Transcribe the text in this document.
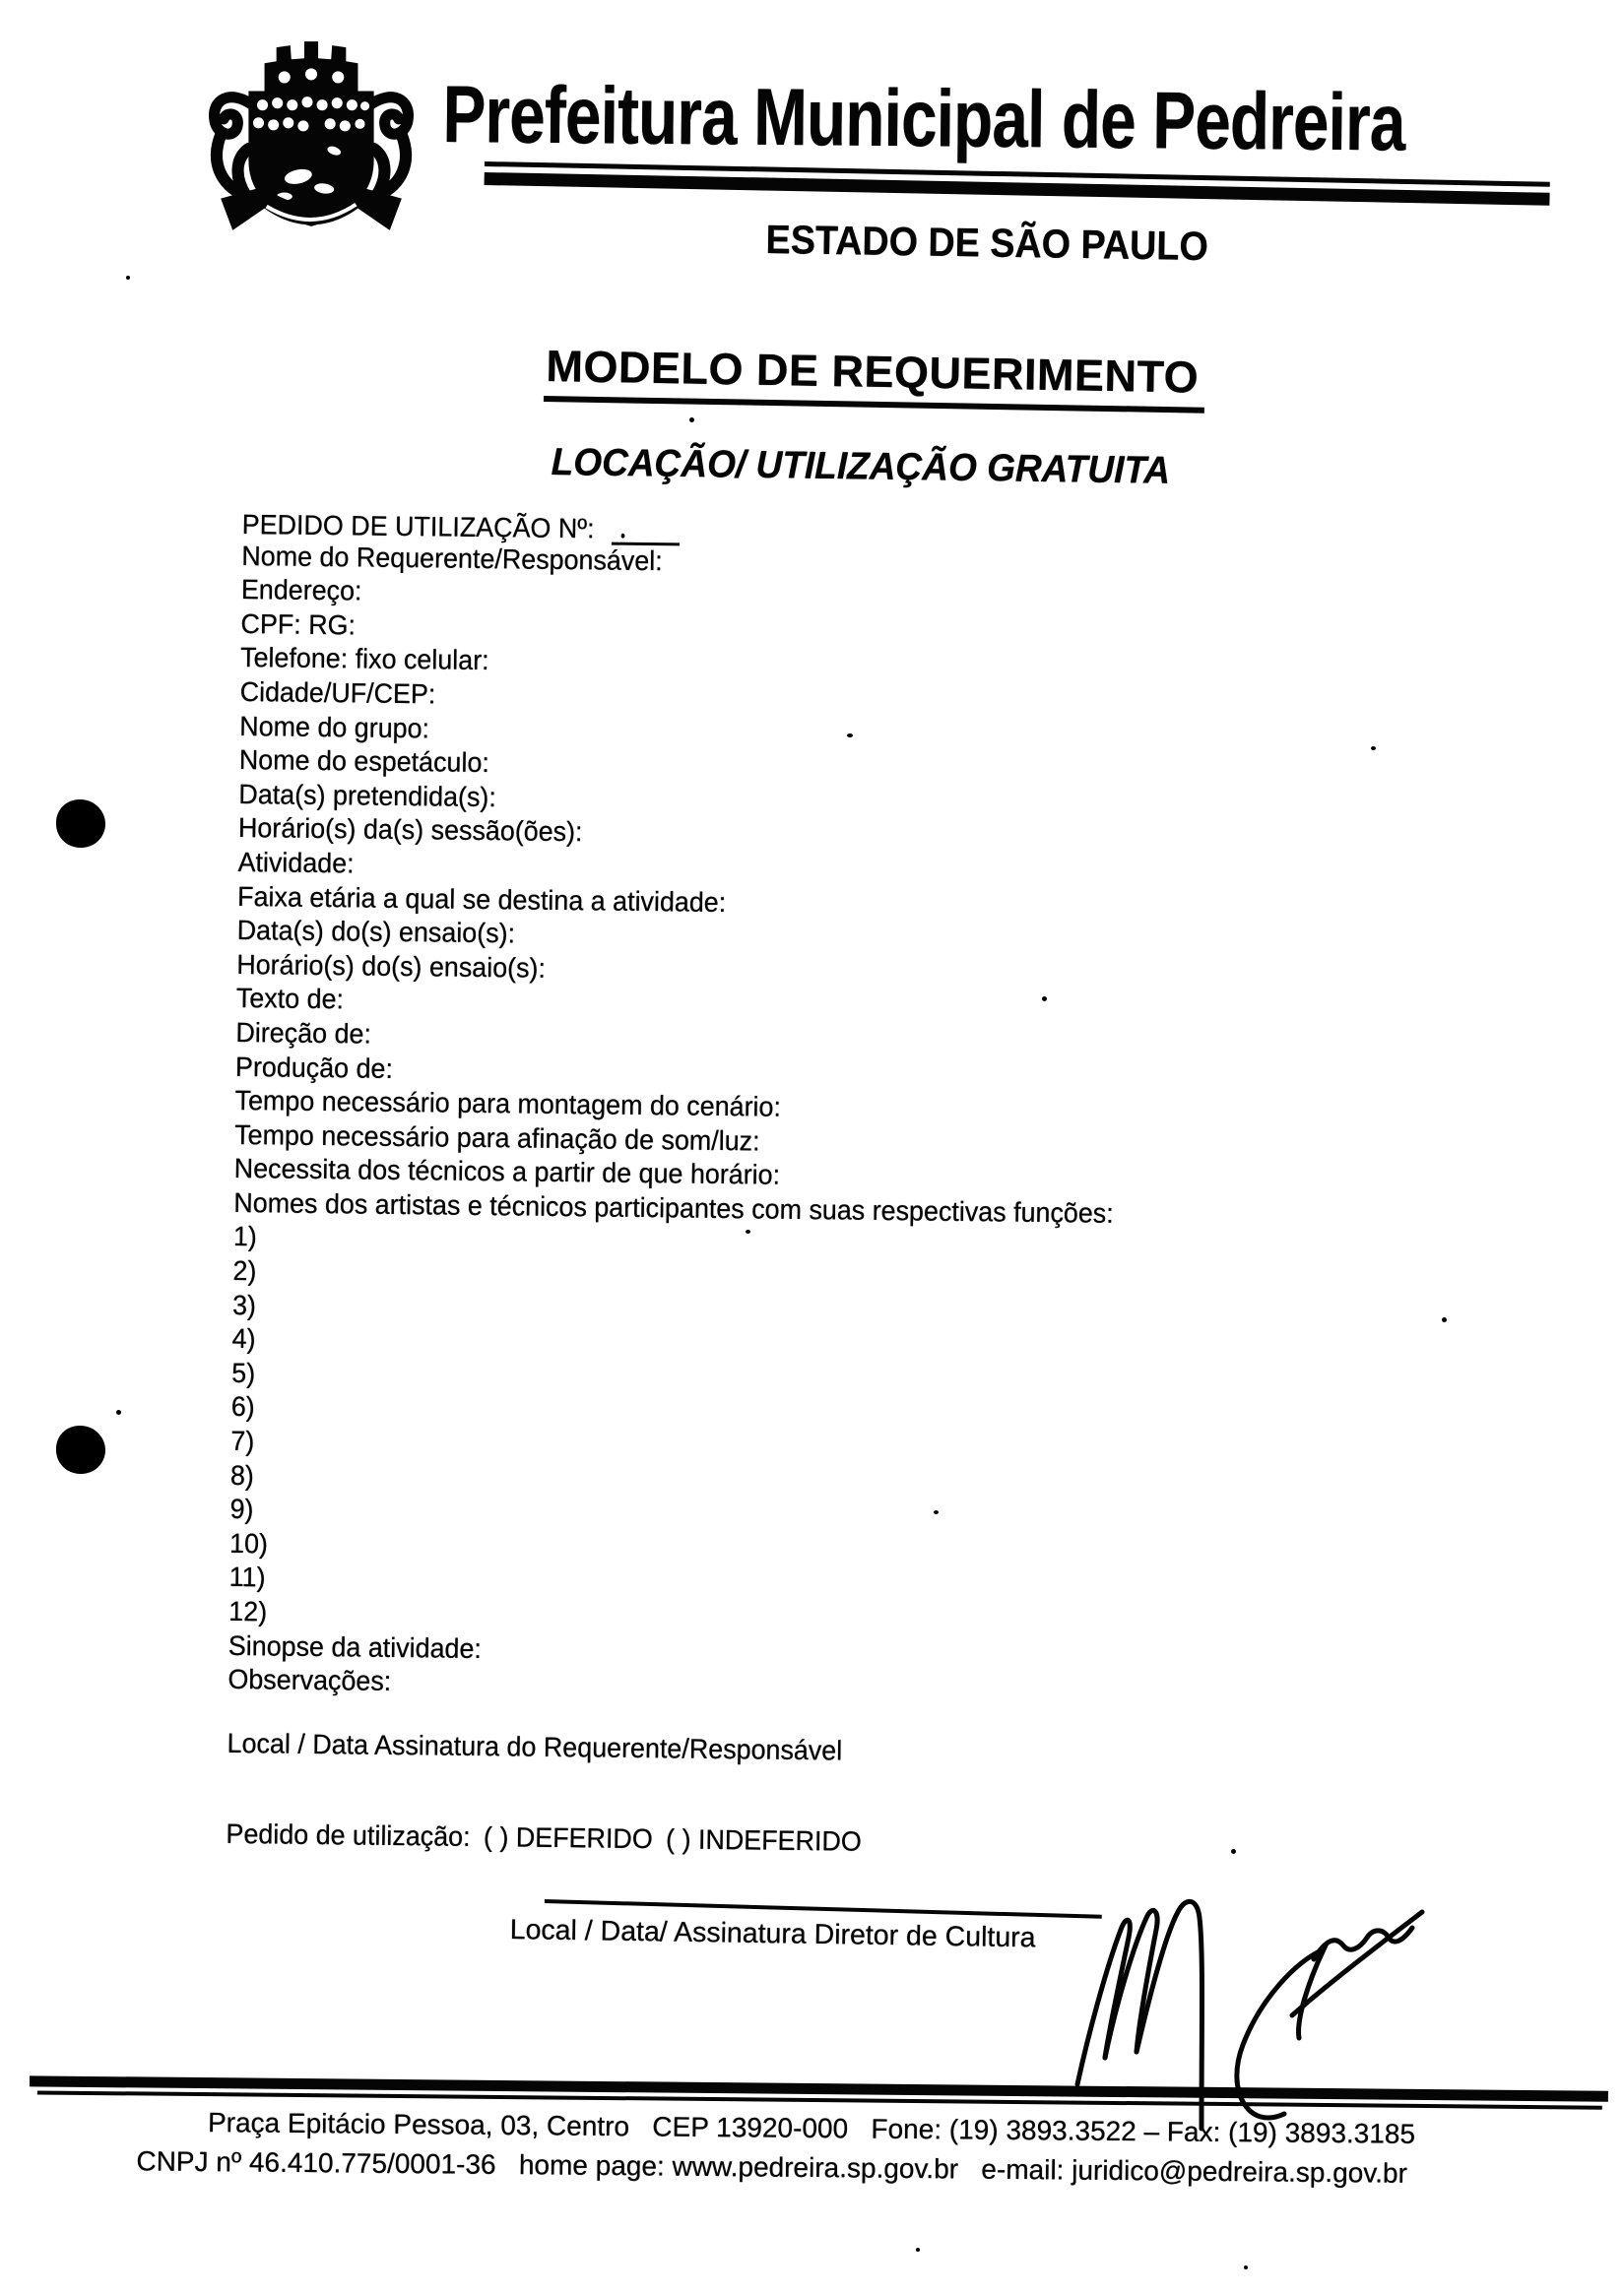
Prefeitura Municipal de Pedreira
ESTADO DE SÃO PAULO
MODELO DE REQUERIMENTO
LOCAÇÃO/ UTILIZAÇÃO GRATUITA
PEDIDO DE UTILIZAÇÃO Nº:
Nome do Requerente/Responsável:
Endereço:
CPF: RG:
Telefone: fixo celular:
Cidade/UF/CEP:
Nome do grupo:
Nome do espetáculo:
Data(s) pretendida(s):
Horário(s) da(s) sessão(ões):
Atividade:
Faixa etária a qual se destina a atividade:
Data(s) do(s) ensaio(s):
Horário(s) do(s) ensaio(s):
Texto de:
Direção de:
Produção de:
Tempo necessário para montagem do cenário:
Tempo necessário para afinação de som/luz:
Necessita dos técnicos a partir de que horário:
Nomes dos artistas e técnicos participantes com suas respectivas funções:
1)
2)
3)
4)
5)
6)
7)
8)
9)
10)
11)
12)
Sinopse da atividade:
Observações:
Local / Data Assinatura do Requerente/Responsável
Pedido de utilização: ( ) DEFERIDO ( ) INDEFERIDO
Local / Data/ Assinatura Diretor de Cultura
Praça Epitácio Pessoa, 03, Centro   CEP 13920-000   Fone: (19) 3893.3522 – Fax: (19) 3893.3185
CNPJ nº 46.410.775/0001-36   home page: www.pedreira.sp.gov.br   e-mail: juridico@pedreira.sp.gov.br
